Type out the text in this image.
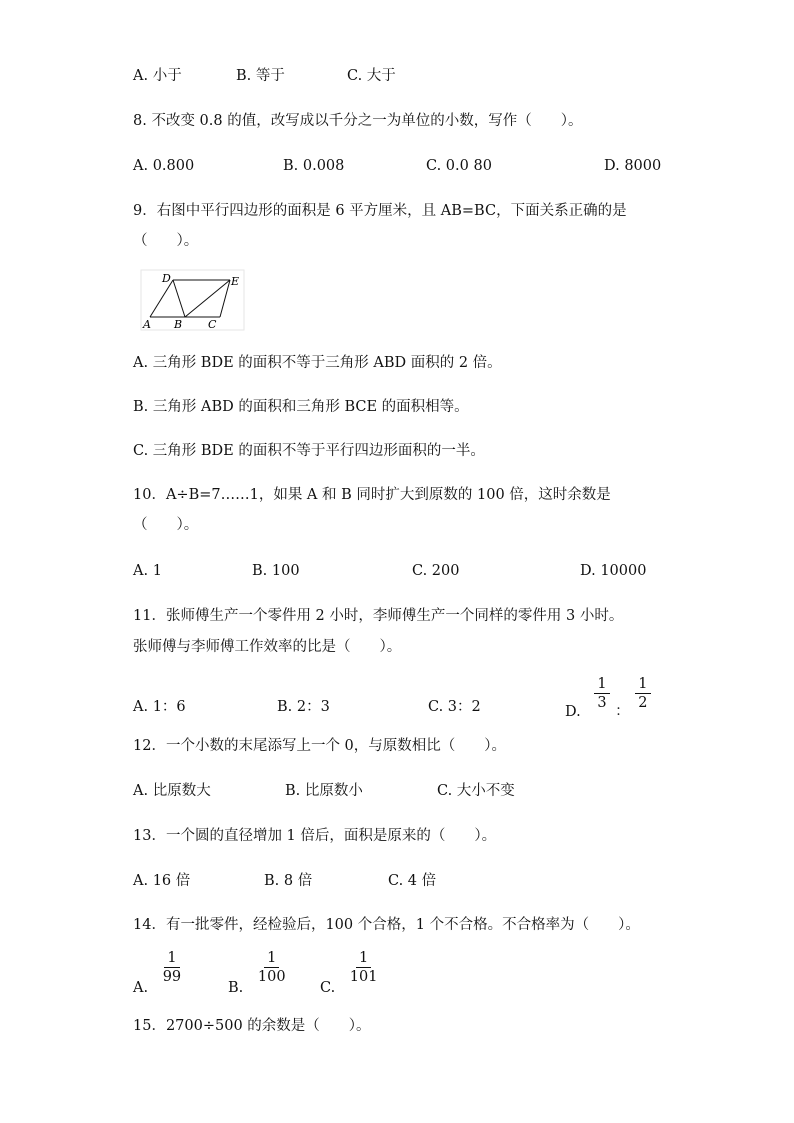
A. 小于	B. 等于	C. 大于
8. 不改变 0.8 的值，改写成以千分之一为单位的小数，写作（　　）。
A. 0.800	B. 0.008	C. 0.0 80	D. 8000
9．右图中平行四边形的面积是 6 平方厘米，且 AB=BC，下面关系正确的是
（　　）。
D	E
A B C
A. 三角形 BDE 的面积不等于三角形 ABD 面积的 2 倍。
B. 三角形 ABD 的面积和三角形 BCE 的面积相等。
C. 三角形 BDE 的面积不等于平行四边形面积的一半。
10．A÷B=7……1，如果 A 和 B 同时扩大到原数的 100 倍，这时余数是
（　　）。
A. 1	B. 100	C. 200	D. 10000
11．张师傅生产一个零件用 2 小时，李师傅生产一个同样的零件用 3 小时。
张师傅与李师傅工作效率的比是（　　）。
A. 1：6	B. 2：3	C. 3：2	D.
$\frac{1}{3}$
：
$\frac{1}{2}$
12．一个小数的末尾添写上一个 0，与原数相比（　　）。
A. 比原数大	B. 比原数小	C. 大小不变
13．一个圆的直径增加 1 倍后，面积是原来的（　　）。
A. 16 倍	B. 8 倍	C. 4 倍
14．有一批零件，经检验后，100 个合格，1 个不合格。不合格率为（　　）。
A.
$\frac{1}{99}$
B.
$\frac{1}{100}$
C.
$\frac{1}{101}$
15．2700÷500 的余数是（　　）。
